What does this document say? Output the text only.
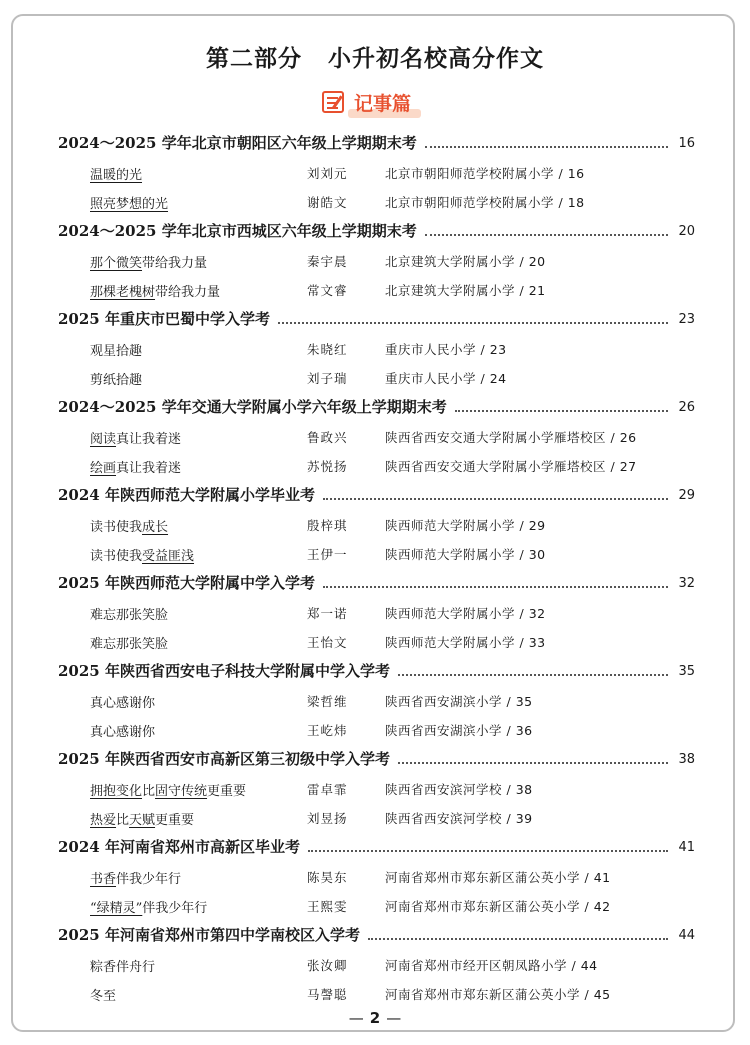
第二部分 小升初名校高分作文
记事篇
2024～2025 学年北京市朝阳区六年级上学期期末考	16
温暖的光	刘刘元	北京市朝阳师范学校附属小学 / 16
照亮梦想的光	谢皓文	北京市朝阳师范学校附属小学 / 18
2024～2025 学年北京市西城区六年级上学期期末考	20
那个微笑带给我力量	秦宇晨	北京建筑大学附属小学 / 20
那棵老槐树带给我力量	常文睿	北京建筑大学附属小学 / 21
2025 年重庆市巴蜀中学入学考	23
观星拾趣	朱晓红	重庆市人民小学 / 23
剪纸拾趣	刘子瑞	重庆市人民小学 / 24
2024～2025 学年交通大学附属小学六年级上学期期末考	26
阅读真让我着迷	鲁政兴	陕西省西安交通大学附属小学雁塔校区 / 26
绘画真让我着迷	苏悦扬	陕西省西安交通大学附属小学雁塔校区 / 27
2024 年陕西师范大学附属小学毕业考	29
读书使我成长	殷梓琪	陕西师范大学附属小学 / 29
读书使我受益匪浅	王伊一	陕西师范大学附属小学 / 30
2025 年陕西师范大学附属中学入学考	32
难忘那张笑脸	郑一诺	陕西师范大学附属小学 / 32
难忘那张笑脸	王怡文	陕西师范大学附属小学 / 33
2025 年陕西省西安电子科技大学附属中学入学考	35
真心感谢你	梁哲维	陕西省西安湖滨小学 / 35
真心感谢你	王屹炜	陕西省西安湖滨小学 / 36
2025 年陕西省西安市高新区第三初级中学入学考	38
拥抱变化比固守传统更重要	雷卓霏	陕西省西安滨河学校 / 38
热爱比天赋更重要	刘昱扬	陕西省西安滨河学校 / 39
2024 年河南省郑州市高新区毕业考	41
书香伴我少年行	陈昊东	河南省郑州市郑东新区蒲公英小学 / 41
“绿精灵”伴我少年行	王熙雯	河南省郑州市郑东新区蒲公英小学 / 42
2025 年河南省郑州市第四中学南校区入学考	44
粽香伴舟行	张汝卿	河南省郑州市经开区朝凤路小学 / 44
冬至	马謦聪	河南省郑州市郑东新区蒲公英小学 / 45
— 2 —
